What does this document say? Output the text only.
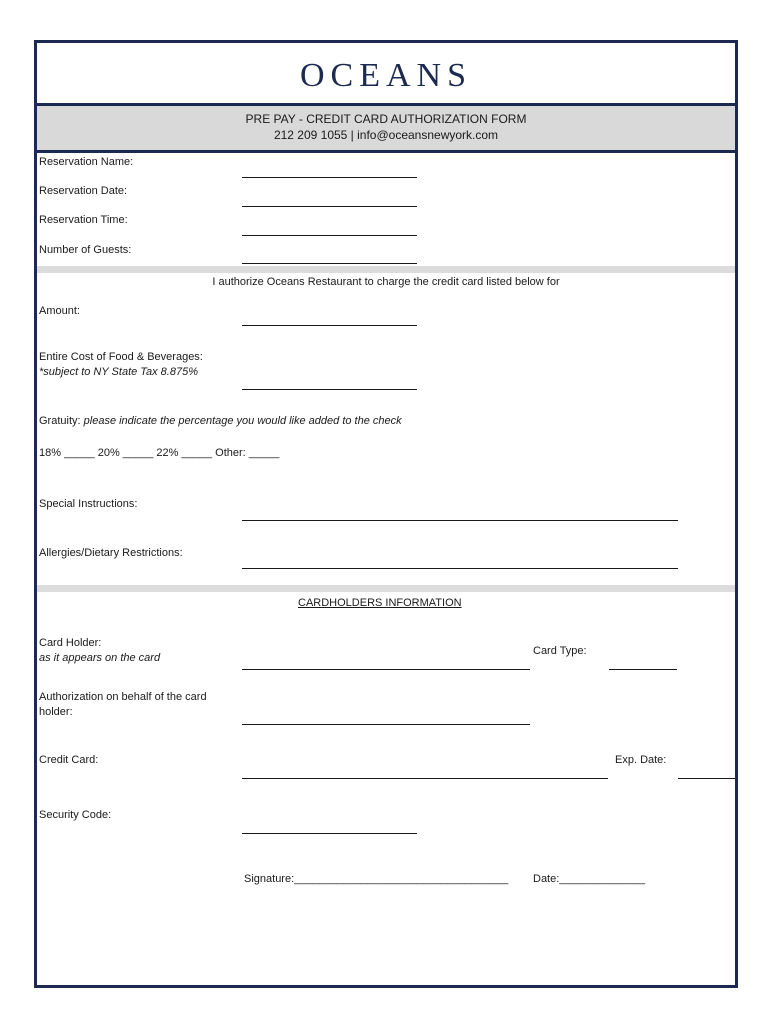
OCEANS
PRE PAY - CREDIT CARD AUTHORIZATION FORM
212 209 1055 | info@oceansnewyork.com
Reservation Name:
Reservation Date:
Reservation Time:
Number of Guests:
I authorize Oceans Restaurant to charge the credit card listed below for
Amount:
Entire Cost of Food & Beverages:
*subject to NY State Tax 8.875%
Gratuity: please indicate the percentage you would like added to the check
18% _____ 20% _____ 22% _____ Other: _____
Special Instructions:
Allergies/Dietary Restrictions:
CARDHOLDERS INFORMATION
Card Holder:
as it appears on the card
Card Type:
Authorization on behalf of the card
holder:
Credit Card:	Exp. Date:
Security Code:
Signature:___________________________________ Date:______________
